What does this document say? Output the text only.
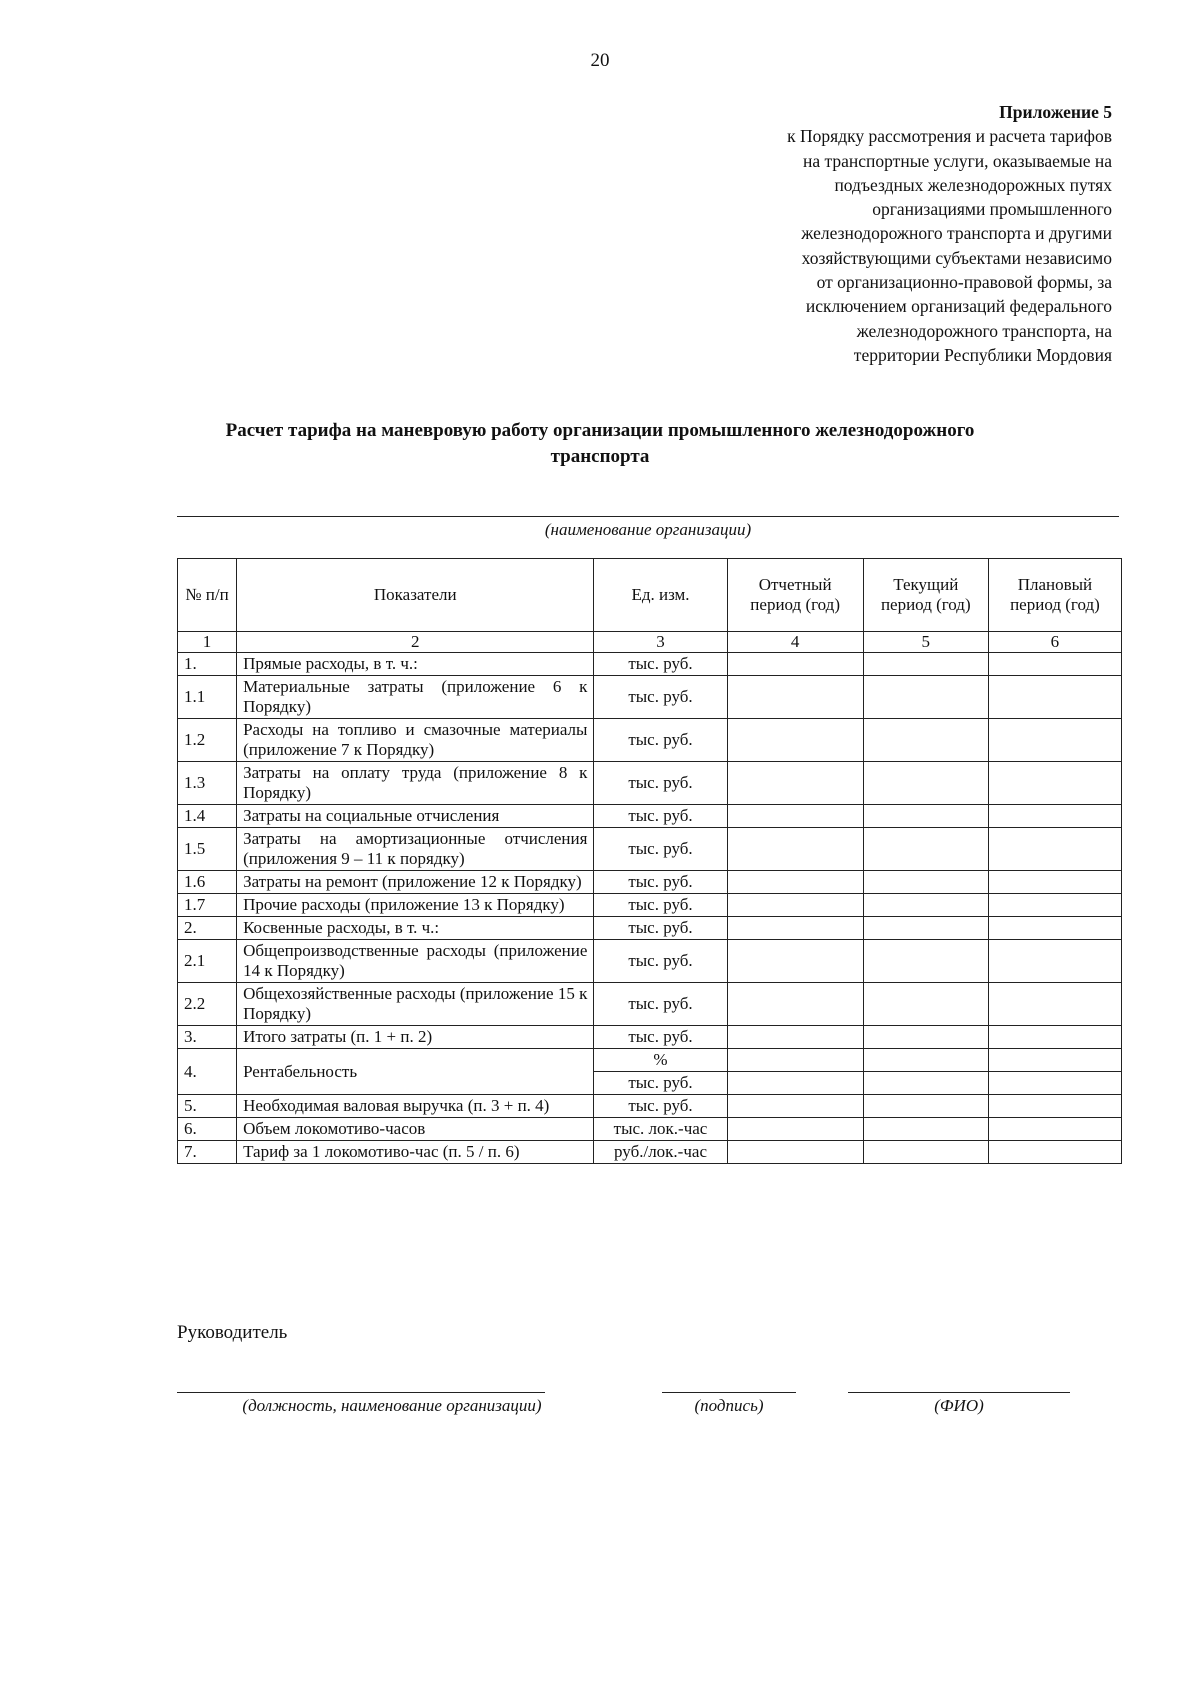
20
Приложение 5
к Порядку рассмотрения и расчета тарифов
на транспортные услуги, оказываемые на
подъездных железнодорожных путях
организациями промышленного
железнодорожного транспорта и другими
хозяйствующими субъектами независимо
от организационно-правовой формы, за
исключением организаций федерального
железнодорожного транспорта, на
территории Республики Мордовия
Расчет тарифа на маневровую работу организации промышленного железнодорожного
транспорта
(наименование организации)
№ п/п	Показатели	Ед. изм.	Отчетный период (год)	Текущий период (год)	Плановый период (год)
1	2	3	4	5	6
1.	Прямые расходы, в т. ч.:	тыс. руб.			
1.1	Материальные затраты (приложение 6 к Порядку)	тыс. руб.			
1.2	Расходы на топливо и смазочные материалы (приложение 7 к Порядку)	тыс. руб.			
1.3	Затраты на оплату труда (приложение 8 к Порядку)	тыс. руб.			
1.4	Затраты на социальные отчисления	тыс. руб.			
1.5	Затраты на амортизационные отчисления (приложения 9 – 11 к порядку)	тыс. руб.			
1.6	Затраты на ремонт (приложение 12 к Порядку)	тыс. руб.			
1.7	Прочие расходы (приложение 13 к Порядку)	тыс. руб.			
2.	Косвенные расходы, в т. ч.:	тыс. руб.			
2.1	Общепроизводственные расходы (приложение 14 к Порядку)	тыс. руб.			
2.2	Общехозяйственные расходы (приложение 15 к Порядку)	тыс. руб.			
3.	Итого затраты (п. 1 + п. 2)	тыс. руб.			
4.	Рентабельность	%			
		тыс. руб.			
5.	Необходимая валовая выручка (п. 3 + п. 4)	тыс. руб.			
6.	Объем локомотиво-часов	тыс. лок.-час			
7.	Тариф за 1 локомотиво-час (п. 5 / п. 6)	руб./лок.-час			
Руководитель
(должность, наименование организации)	(подпись)	(ФИО)
